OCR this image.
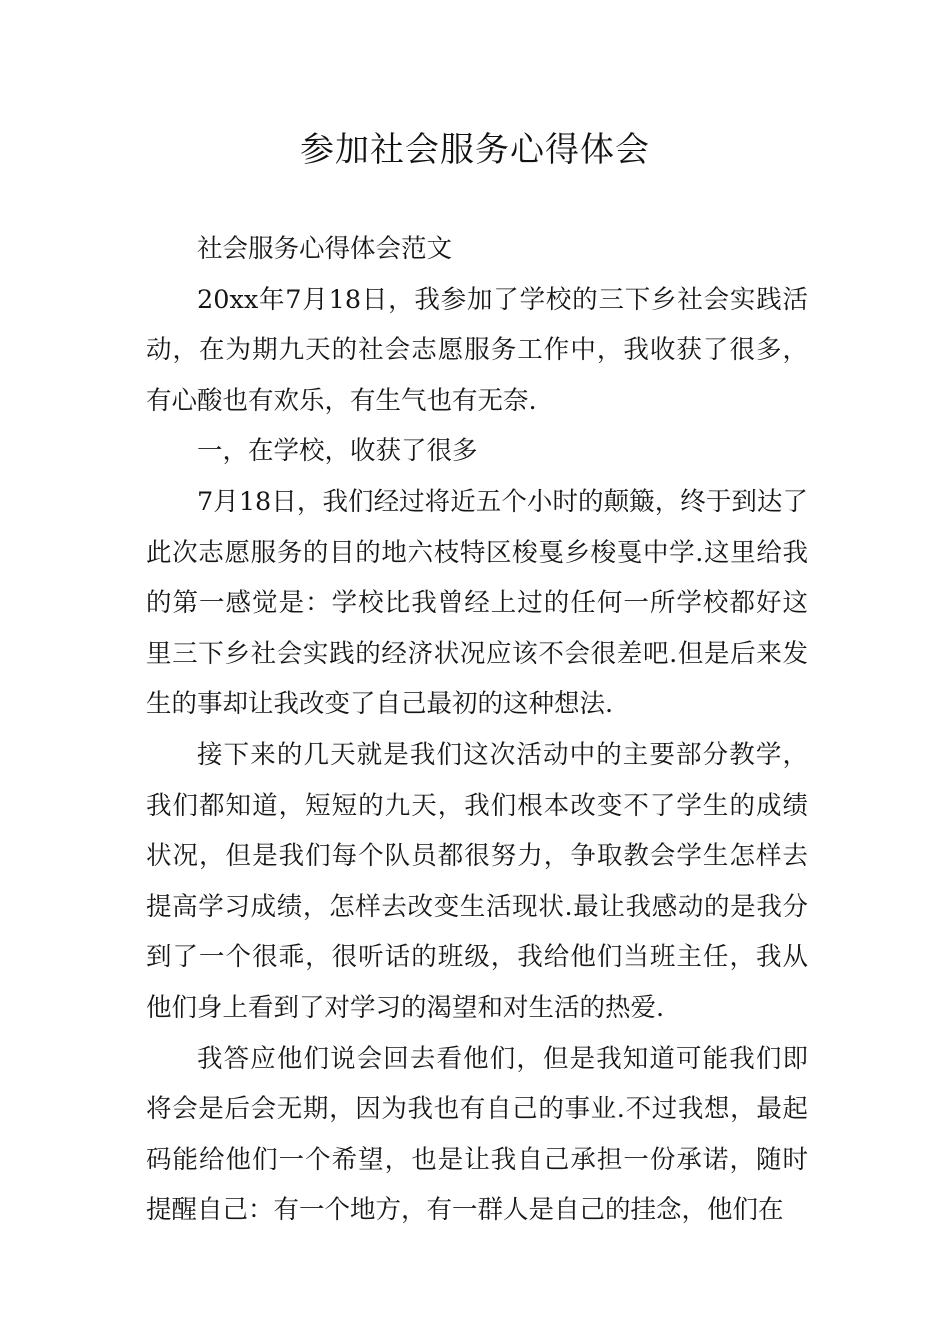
参加社会服务心得体会

社会服务心得体会范文

20xx年7月18日，我参加了学校的三下乡社会实践活动，在为期九天的社会志愿服务工作中，我收获了很多，有心酸也有欢乐，有生气也有无奈.

一，在学校，收获了很多

7月18日，我们经过将近五个小时的颠簸，终于到达了此次志愿服务的目的地六枝特区梭戛乡梭戛中学.这里给我的第一感觉是：学校比我曾经上过的任何一所学校都好这里三下乡社会实践的经济状况应该不会很差吧.但是后来发生的事却让我改变了自己最初的这种想法.

接下来的几天就是我们这次活动中的主要部分教学，我们都知道，短短的九天，我们根本改变不了学生的成绩状况，但是我们每个队员都很努力，争取教会学生怎样去提高学习成绩，怎样去改变生活现状.最让我感动的是我分到了一个很乖，很听话的班级，我给他们当班主任，我从他们身上看到了对学习的渴望和对生活的热爱.

我答应他们说会回去看他们，但是我知道可能我们即将会是后会无期，因为我也有自己的事业.不过我想，最起码能给他们一个希望，也是让我自己承担一份承诺，随时提醒自己：有一个地方，有一群人是自己的挂念，他们在
